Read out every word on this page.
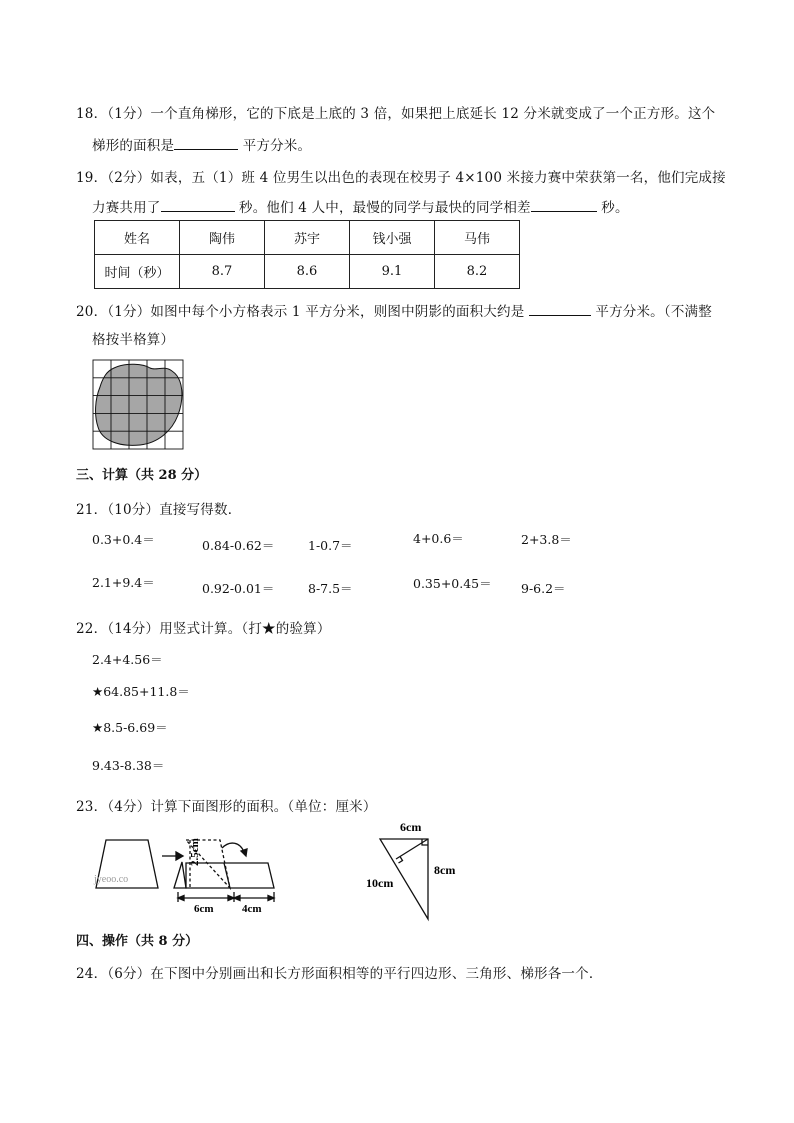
18．（1分）一个直角梯形，它的下底是上底的 3 倍，如果把上底延长 12 分米就变成了一个正方形。这个
梯形的面积是	平方分米。
19．（2分）如表，五（1）班 4 位男生以出色的表现在校男子 4×100 米接力赛中荣获第一名，他们完成接
力赛共用了	秒。他们 4 人中，最慢的同学与最快的同学相差	秒。
姓名	陶伟	苏宇	钱小强	马伟
时间（秒）	8.7	8.6	9.1	8.2
20．（1分）如图中每个小方格表示 1 平方分米，则图中阴影的面积大约是	平方分米。（不满整
格按半格算）
三、计算（共 28 分）
21．（10分）直接写得数．
0.3+0.4＝	0.84-0.62＝	1-0.7＝	4+0.6＝	2+3.8＝
2.1+9.4＝	0.92-0.01＝	8-7.5＝	0.35+0.45＝ 9-6.2＝
22．（14分）用竖式计算。（打★的验算）
2.4+4.56＝
★64.85+11.8＝
★8.5-6.69＝
9.43-8.38＝
23．（4分）计算下面图形的面积。（单位：厘米）
2.5cm
6cm	4cm
jyeoo.co
6cm
10cm
8cm
四、操作（共 8 分）
24．（6分）在下图中分别画出和长方形面积相等的平行四边形、三角形、梯形各一个．
